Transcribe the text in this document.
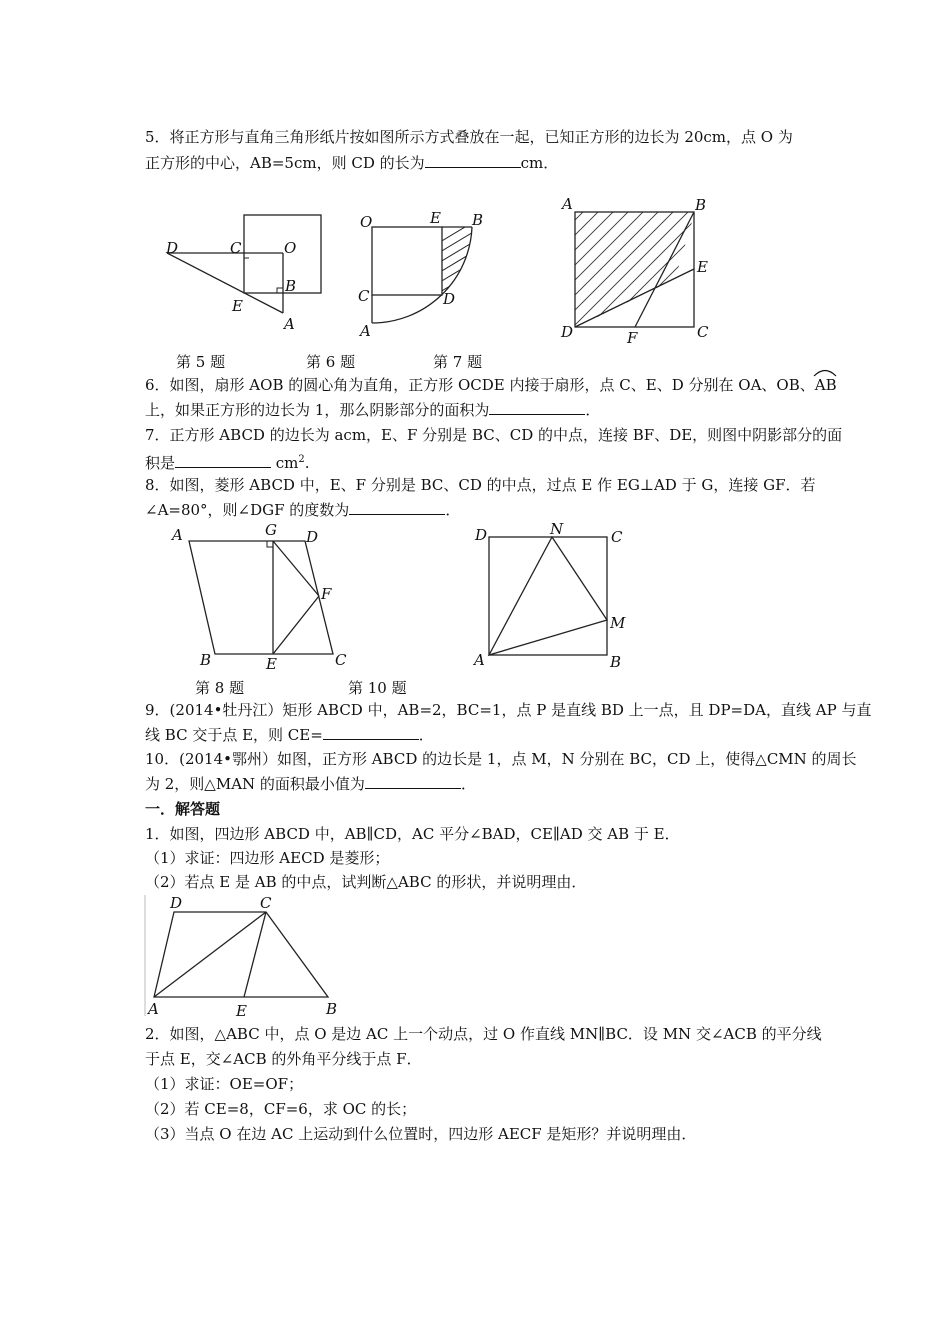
5．将正方形与直角三角形纸片按如图所示方式叠放在一起，已知正方形的边长为 20cm，点 O 为
正方形的中心，AB=5cm，则 CD 的长为	cm．
D	C	O
B
E
A
O	E B
C	D
A
A	B
E
D	F	C
第 5 题	第 6 题	第 7 题
6．如图，扇形 AOB 的圆心角为直角，正方形 OCDE 内接于扇形，点 C、E、D 分别在 OA、OB、
AB
上，如果正方形的边长为 1，那么阴影部分的面积为	．
7．正方形 ABCD 的边长为 acm，E、F 分别是 BC、CD 的中点，连接 BF、DE，则图中阴影部分的面
积是	$cm^2$.
8．如图，菱形 ABCD 中，E、F 分别是 BC、CD 的中点，过点 E 作 EG⊥AD 于 G，连接 GF．若
∠A=80°，则∠DGF 的度数为	．
A	G D
F
B	E	C
D	N	C
M
A	B
第 8 题	第 10 题
9．(2014•牡丹江）矩形 ABCD 中，AB=2，BC=1，点 P 是直线 BD 上一点，且 DP=DA，直线 AP 与直
线 BC 交于点 E，则 CE=	．
10．(2014•鄂州）如图，正方形 ABCD 的边长是 1，点 M，N 分别在 BC，CD 上，使得△CMN 的周长
为 2，则△MAN 的面积最小值为	．
一．解答题
1．如图，四边形 ABCD 中，AB∥CD，AC 平分∠BAD，CE∥AD 交 AB 于 E．
（1）求证：四边形 AECD 是菱形；
（2）若点 E 是 AB 的中点，试判断△ABC 的形状，并说明理由．
D	C
A	E	B
2．如图，△ABC 中，点 O 是边 AC 上一个动点，过 O 作直线 MN∥BC．设 MN 交∠ACB 的平分线
于点 E，交∠ACB 的外角平分线于点 F．
（1）求证：OE=OF；
（2）若 CE=8，CF=6，求 OC 的长；
（3）当点 O 在边 AC 上运动到什么位置时，四边形 AECF 是矩形？并说明理由．
